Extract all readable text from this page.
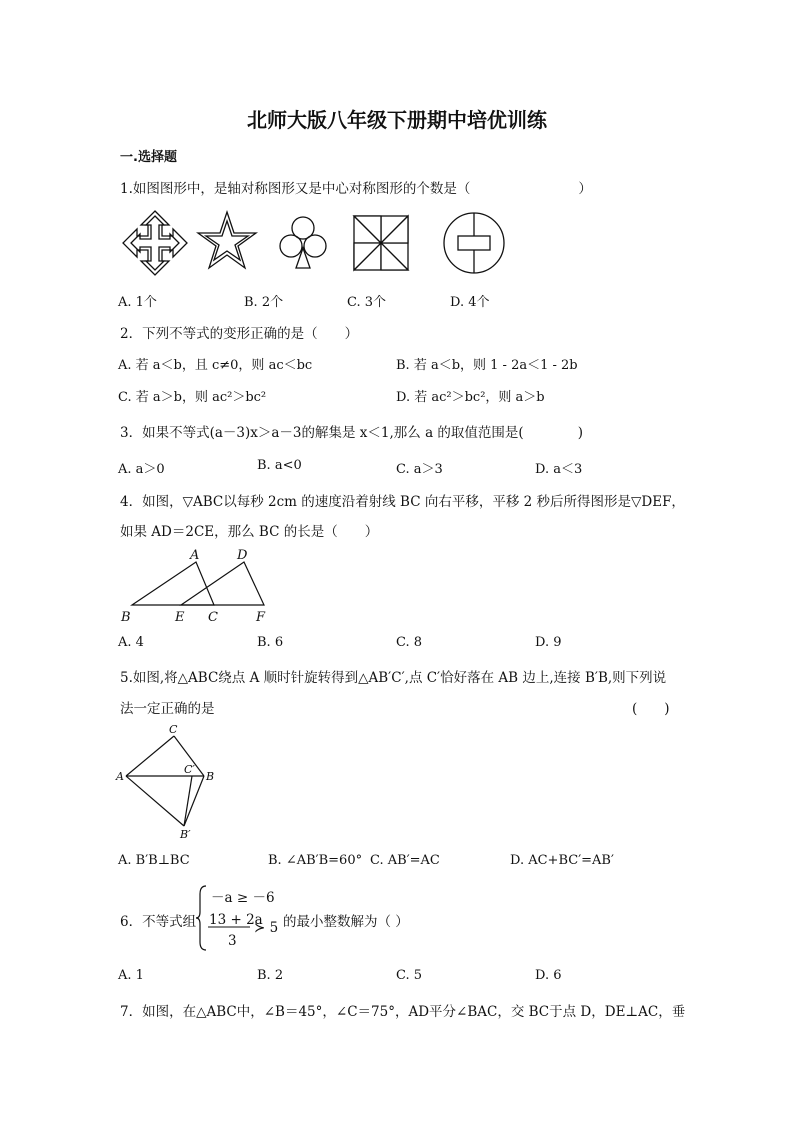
北师大版八年级下册期中培优训练
一.选择题
1.如图图形中，是轴对称图形又是中心对称图形的个数是（　　　　　　　　）
A. 1个	B. 2个	C. 3个	D. 4个
2．下列不等式的变形正确的是（　　）
A. 若 a＜b，且 c≠0，则 ac＜bc	B. 若 a＜b，则 1 - 2a＜1 - 2b
C. 若 a＞b，则 ac²＞bc²	D. 若 ac²＞bc²，则 a＞b
3．如果不等式(a－3)x＞a－3的解集是 x＜1,那么 a 的取值范围是(　　　　)
A. a＞0	B. a<0	C. a＞3	D. a＜3
4．如图，▽ABC以每秒 2cm 的速度沿着射线 BC 向右平移，平移 2 秒后所得图形是▽DEF，
如果 AD＝2CE，那么 BC 的长是（　　）
A	D
B	E C	F
A. 4	B. 6	C. 8	D. 9
5.如图,将△ABC绕点 A 顺时针旋转得到△AB′C′,点 C′恰好落在 AB 边上,连接 B′B,则下列说
法一定正确的是	(　　)
C
A
C′
B
B′
A. B′B⊥BC	B. ∠AB′B=60° C. AB′=AC	D. AC+BC′=AB′
6．不等式组
－a ≥ －6
13 + 2a
3
≻ 5 的最小整数解为（ ）
A. 1	B. 2	C. 5	D. 6
7．如图，在△ABC中，∠B＝45°，∠C＝75°，AD平分∠BAC，交 BC于点 D，DE⊥AC，垂
